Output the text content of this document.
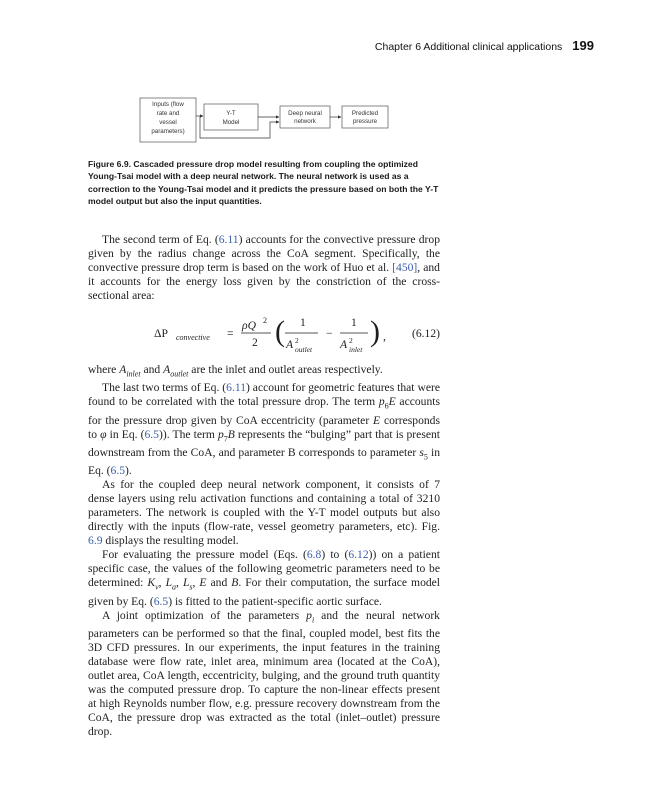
Chapter 6 Additional clinical applications 199
Inputs (flow
rate and
vessel
parameters)
Y-T
Model
Deep neural
network
Predicted
pressure
Figure 6.9. Cascaded pressure drop model resulting from coupling the optimized Young-Tsai model with a deep neural network. The neural network is used as a correction to the Young-Tsai model and it predicts the pressure based on both the Y-T model output but also the input quantities.

The second term of Eq. (6.11) accounts for the convective pressure drop given by the radius change across the CoA segment. Specifically, the convective pressure drop term is based on the work of Huo et al. [450], and it accounts for the energy loss given by the constriction of the cross-sectional area:

ΔP convective =
ρQ 2
2 ( 1
A 2
outlet
−
1
A 2
inlet
) , (6.12)

where $A_{inlet}$ and $A_{outlet}$ are the inlet and outlet areas respectively.

The last two terms of Eq. (6.11) account for geometric features that were found to be correlated with the total pressure drop. The term $p_6E$ accounts for the pressure drop given by CoA eccentricity (parameter E corresponds to φ in Eq. (6.5)). The term $p_7B$ represents the “bulging” part that is present downstream from the CoA, and parameter B corresponds to parameter $s_5$ in Eq. (6.5).

As for the coupled deep neural network component, it consists of 7 dense layers using relu activation functions and containing a total of 3210 parameters. The network is coupled with the Y-T model outputs but also directly with the inputs (flow-rate, vessel geometry parameters, etc). Fig. 6.9 displays the resulting model.

For evaluating the pressure model (Eqs. (6.8) to (6.12)) on a patient specific case, the values of the following geometric parameters need to be determined: $K_v$, $L_a$, $L_s$, E and B. For their computation, the surface model given by Eq. (6.5) is fitted to the patient-specific aortic surface.

A joint optimization of the parameters $p_i$ and the neural network parameters can be performed so that the final, coupled model, best fits the 3D CFD pressures. In our experiments, the input features in the training database were flow rate, inlet area, minimum area (located at the CoA), outlet area, CoA length, eccentricity, bulging, and the ground truth quantity was the computed pressure drop. To capture the non-linear effects present at high Reynolds number flow, e.g. pressure recovery downstream from the CoA, the pressure drop was extracted as the total (inlet–outlet) pressure drop.
